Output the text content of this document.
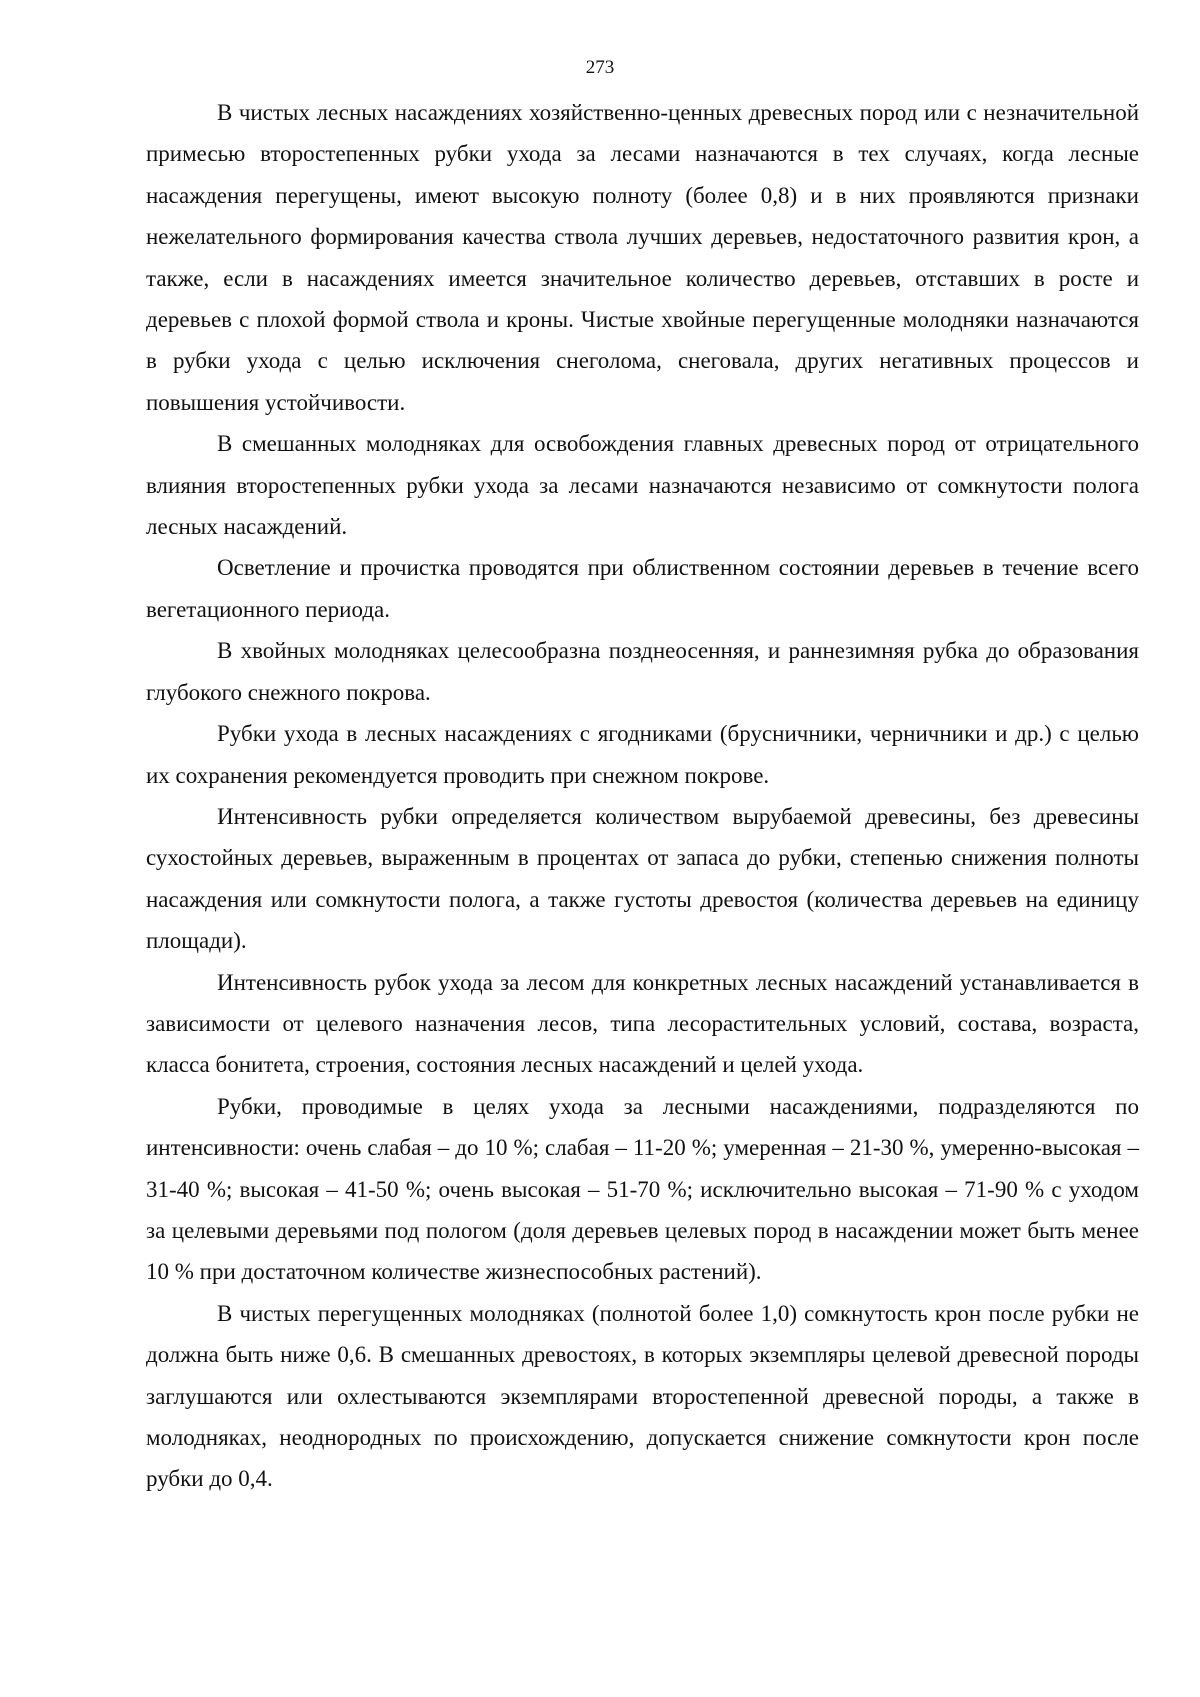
273

В чистых лесных насаждениях хозяйственно-ценных древесных пород или с незначительной примесью второстепенных рубки ухода за лесами назначаются в тех случаях, когда лесные насаждения перегущены, имеют высокую полноту (более 0,8) и в них проявляются признаки нежелательного формирования качества ствола лучших деревьев, недостаточного развития крон, а также, если в насаждениях имеется значительное количество деревьев, отставших в росте и деревьев с плохой формой ствола и кроны. Чистые хвойные перегущенные молодняки назначаются в рубки ухода с целью исключения снеголома, снеговала, других негативных процессов и повышения устойчивости.

В смешанных молодняках для освобождения главных древесных пород от отрицательного влияния второстепенных рубки ухода за лесами назначаются независимо от сомкнутости полога лесных насаждений.

Осветление и прочистка проводятся при облиственном состоянии деревьев в течение всего вегетационного периода.

В хвойных молодняках целесообразна позднеосенняя, и раннезимняя рубка до образования глубокого снежного покрова.

Рубки ухода в лесных насаждениях с ягодниками (брусничники, черничники и др.) с целью их сохранения рекомендуется проводить при снежном покрове.

Интенсивность рубки определяется количеством вырубаемой древесины, без древесины сухостойных деревьев, выраженным в процентах от запаса до рубки, степенью снижения полноты насаждения или сомкнутости полога, а также густоты древостоя (количества деревьев на единицу площади).

Интенсивность рубок ухода за лесом для конкретных лесных насаждений устанавливается в зависимости от целевого назначения лесов, типа лесорастительных условий, состава, возраста, класса бонитета, строения, состояния лесных насаждений и целей ухода.

Рубки, проводимые в целях ухода за лесными насаждениями, подразделяются по интенсивности: очень слабая – до 10 %; слабая – 11-20 %; умеренная – 21-30 %, умеренно-высокая – 31-40 %; высокая – 41-50 %; очень высокая – 51-70 %; исключительно высокая – 71-90 % с уходом за целевыми деревьями под пологом (доля деревьев целевых пород в насаждении может быть менее 10 % при достаточном количестве жизнеспособных растений).

В чистых перегущенных молодняках (полнотой более 1,0) сомкнутость крон после рубки не должна быть ниже 0,6. В смешанных древостоях, в которых экземпляры целевой древесной породы заглушаются или охлестываются экземплярами второстепенной древесной породы, а также в молодняках, неоднородных по происхождению, допускается снижение сомкнутости крон после рубки до 0,4.
